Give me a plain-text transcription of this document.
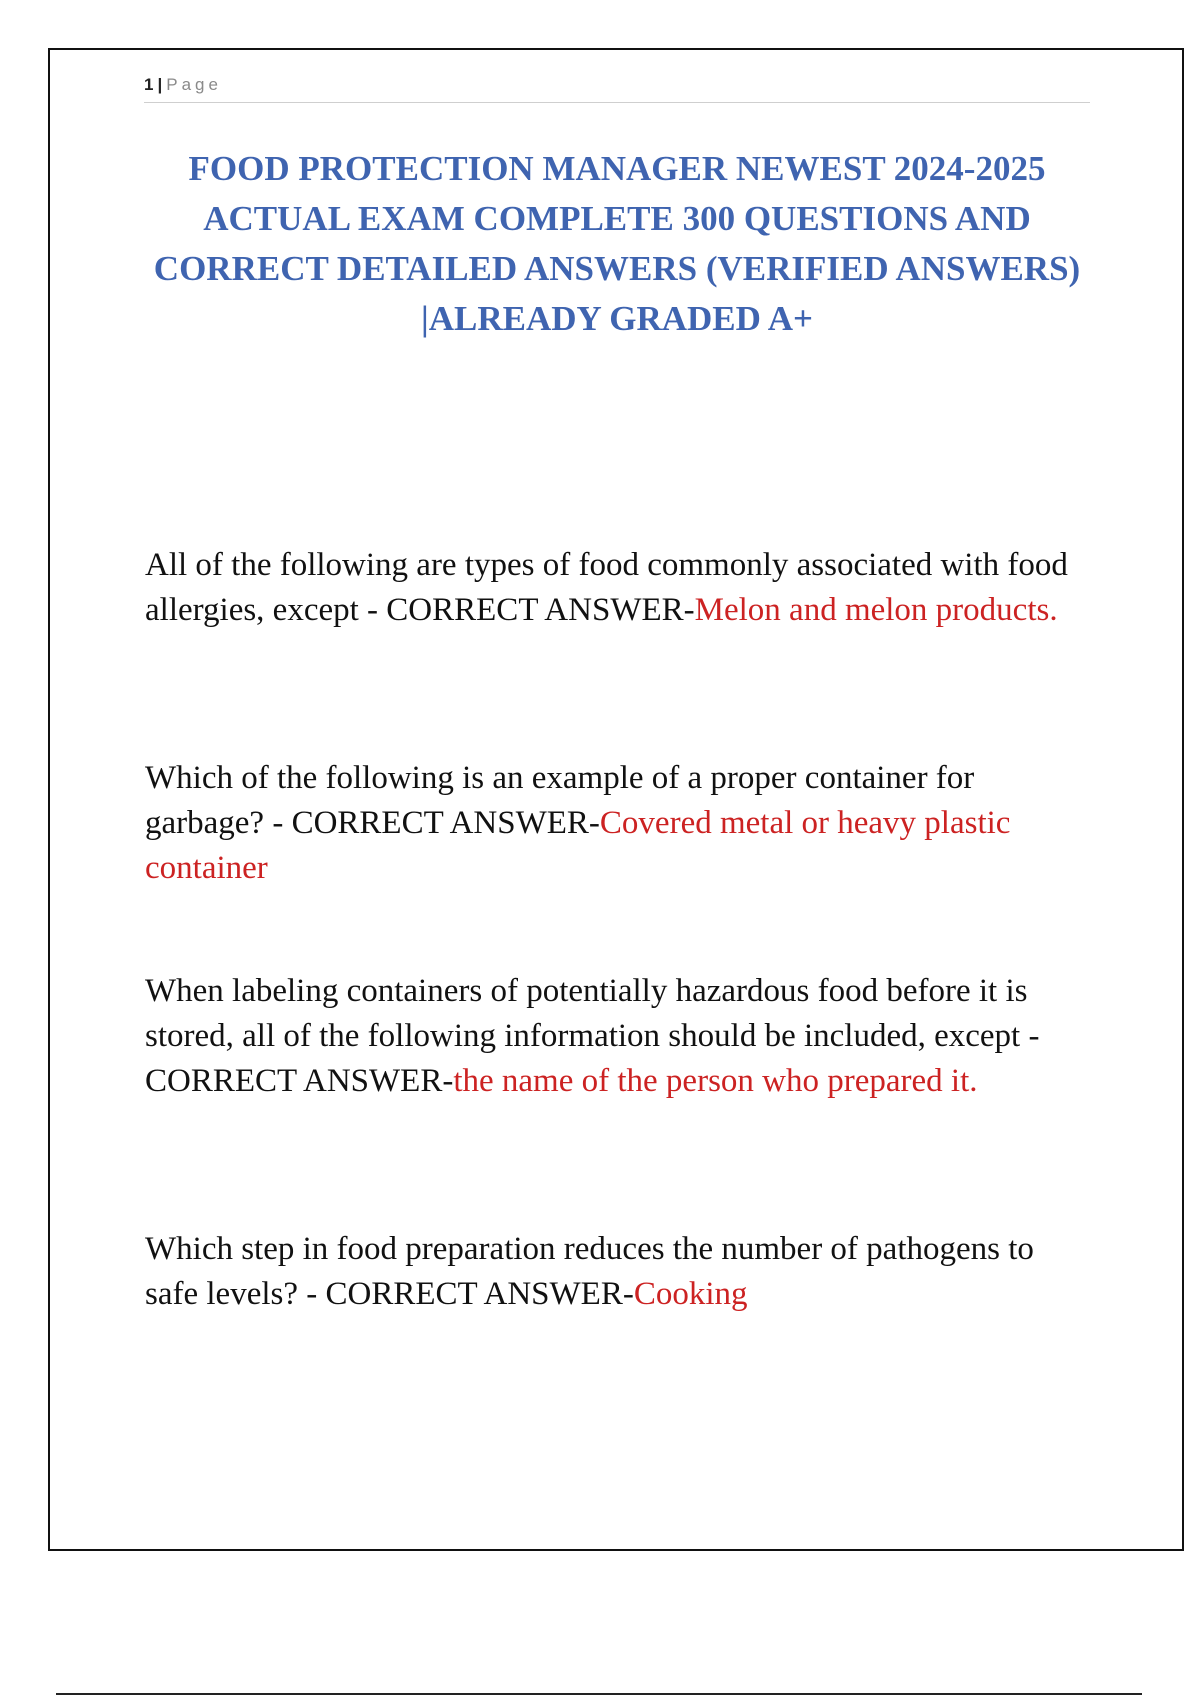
1 | Page
FOOD PROTECTION MANAGER NEWEST 2024-2025 ACTUAL EXAM COMPLETE 300 QUESTIONS AND CORRECT DETAILED ANSWERS (VERIFIED ANSWERS) |ALREADY GRADED A+

All of the following are types of food commonly associated with food allergies, except - CORRECT ANSWER-Melon and melon products.

Which of the following is an example of a proper container for garbage? - CORRECT ANSWER-Covered metal or heavy plastic container

When labeling containers of potentially hazardous food before it is stored, all of the following information should be included, except - CORRECT ANSWER-the name of the person who prepared it.

Which step in food preparation reduces the number of pathogens to safe levels? - CORRECT ANSWER-Cooking
